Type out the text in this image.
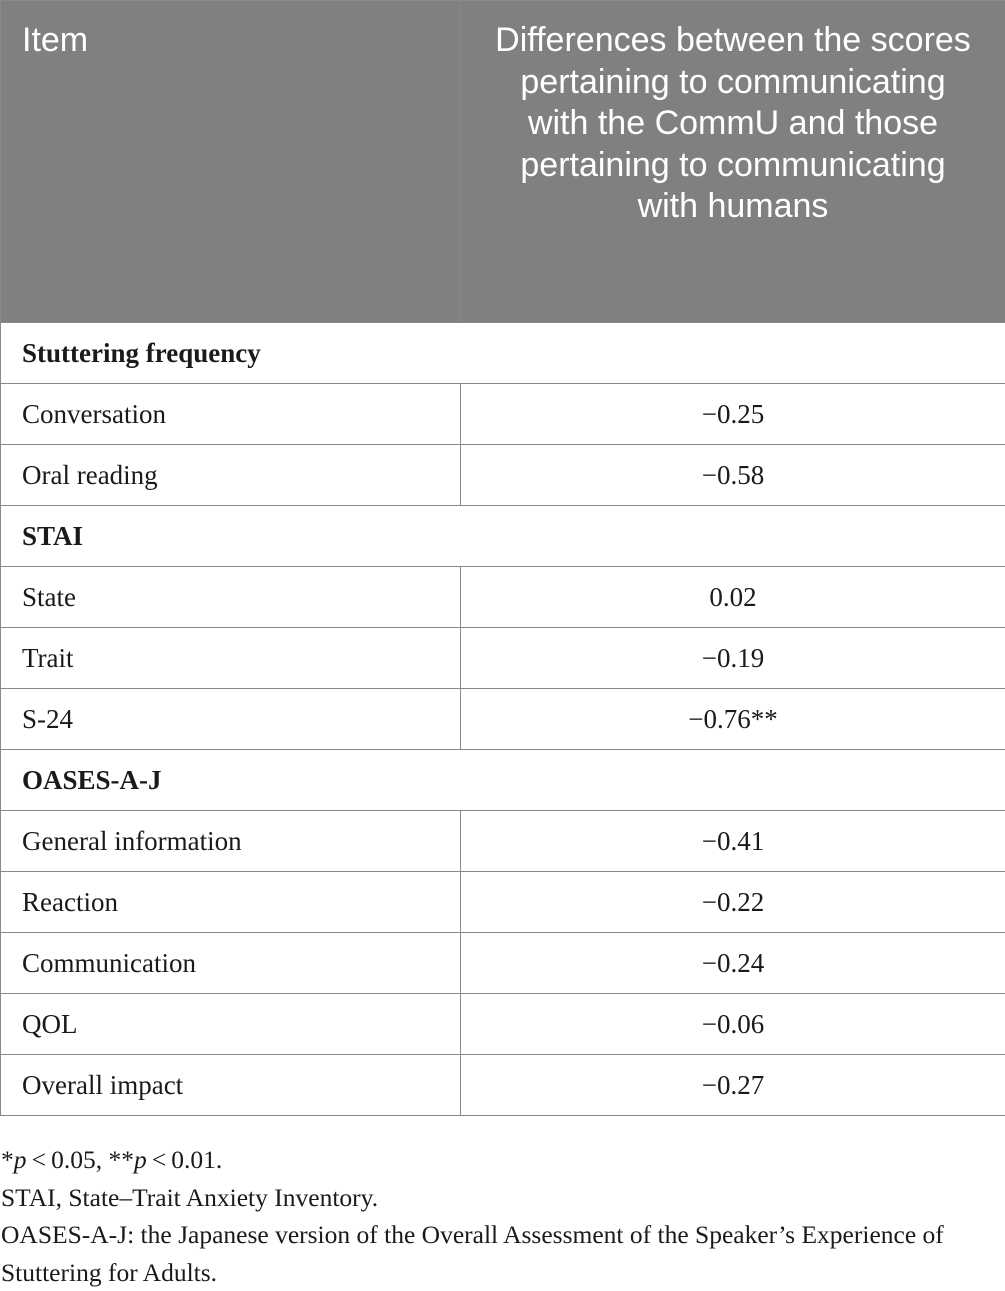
Item	Differences between the scores pertaining to communicating with the CommU and those pertaining to communicating with humans
Stuttering frequency	
Conversation	−0.25
Oral reading	−0.58
STAI	
State	0.02
Trait	−0.19
S-24	−0.76**
OASES-A-J	
General information	−0.41
Reaction	−0.22
Communication	−0.24
QOL	−0.06
Overall impact	−0.27

*p < 0.05, **p < 0.01.

STAI, State–Trait Anxiety Inventory.

OASES-A-J: the Japanese version of the Overall Assessment of the Speaker’s Experience of Stuttering for Adults.
